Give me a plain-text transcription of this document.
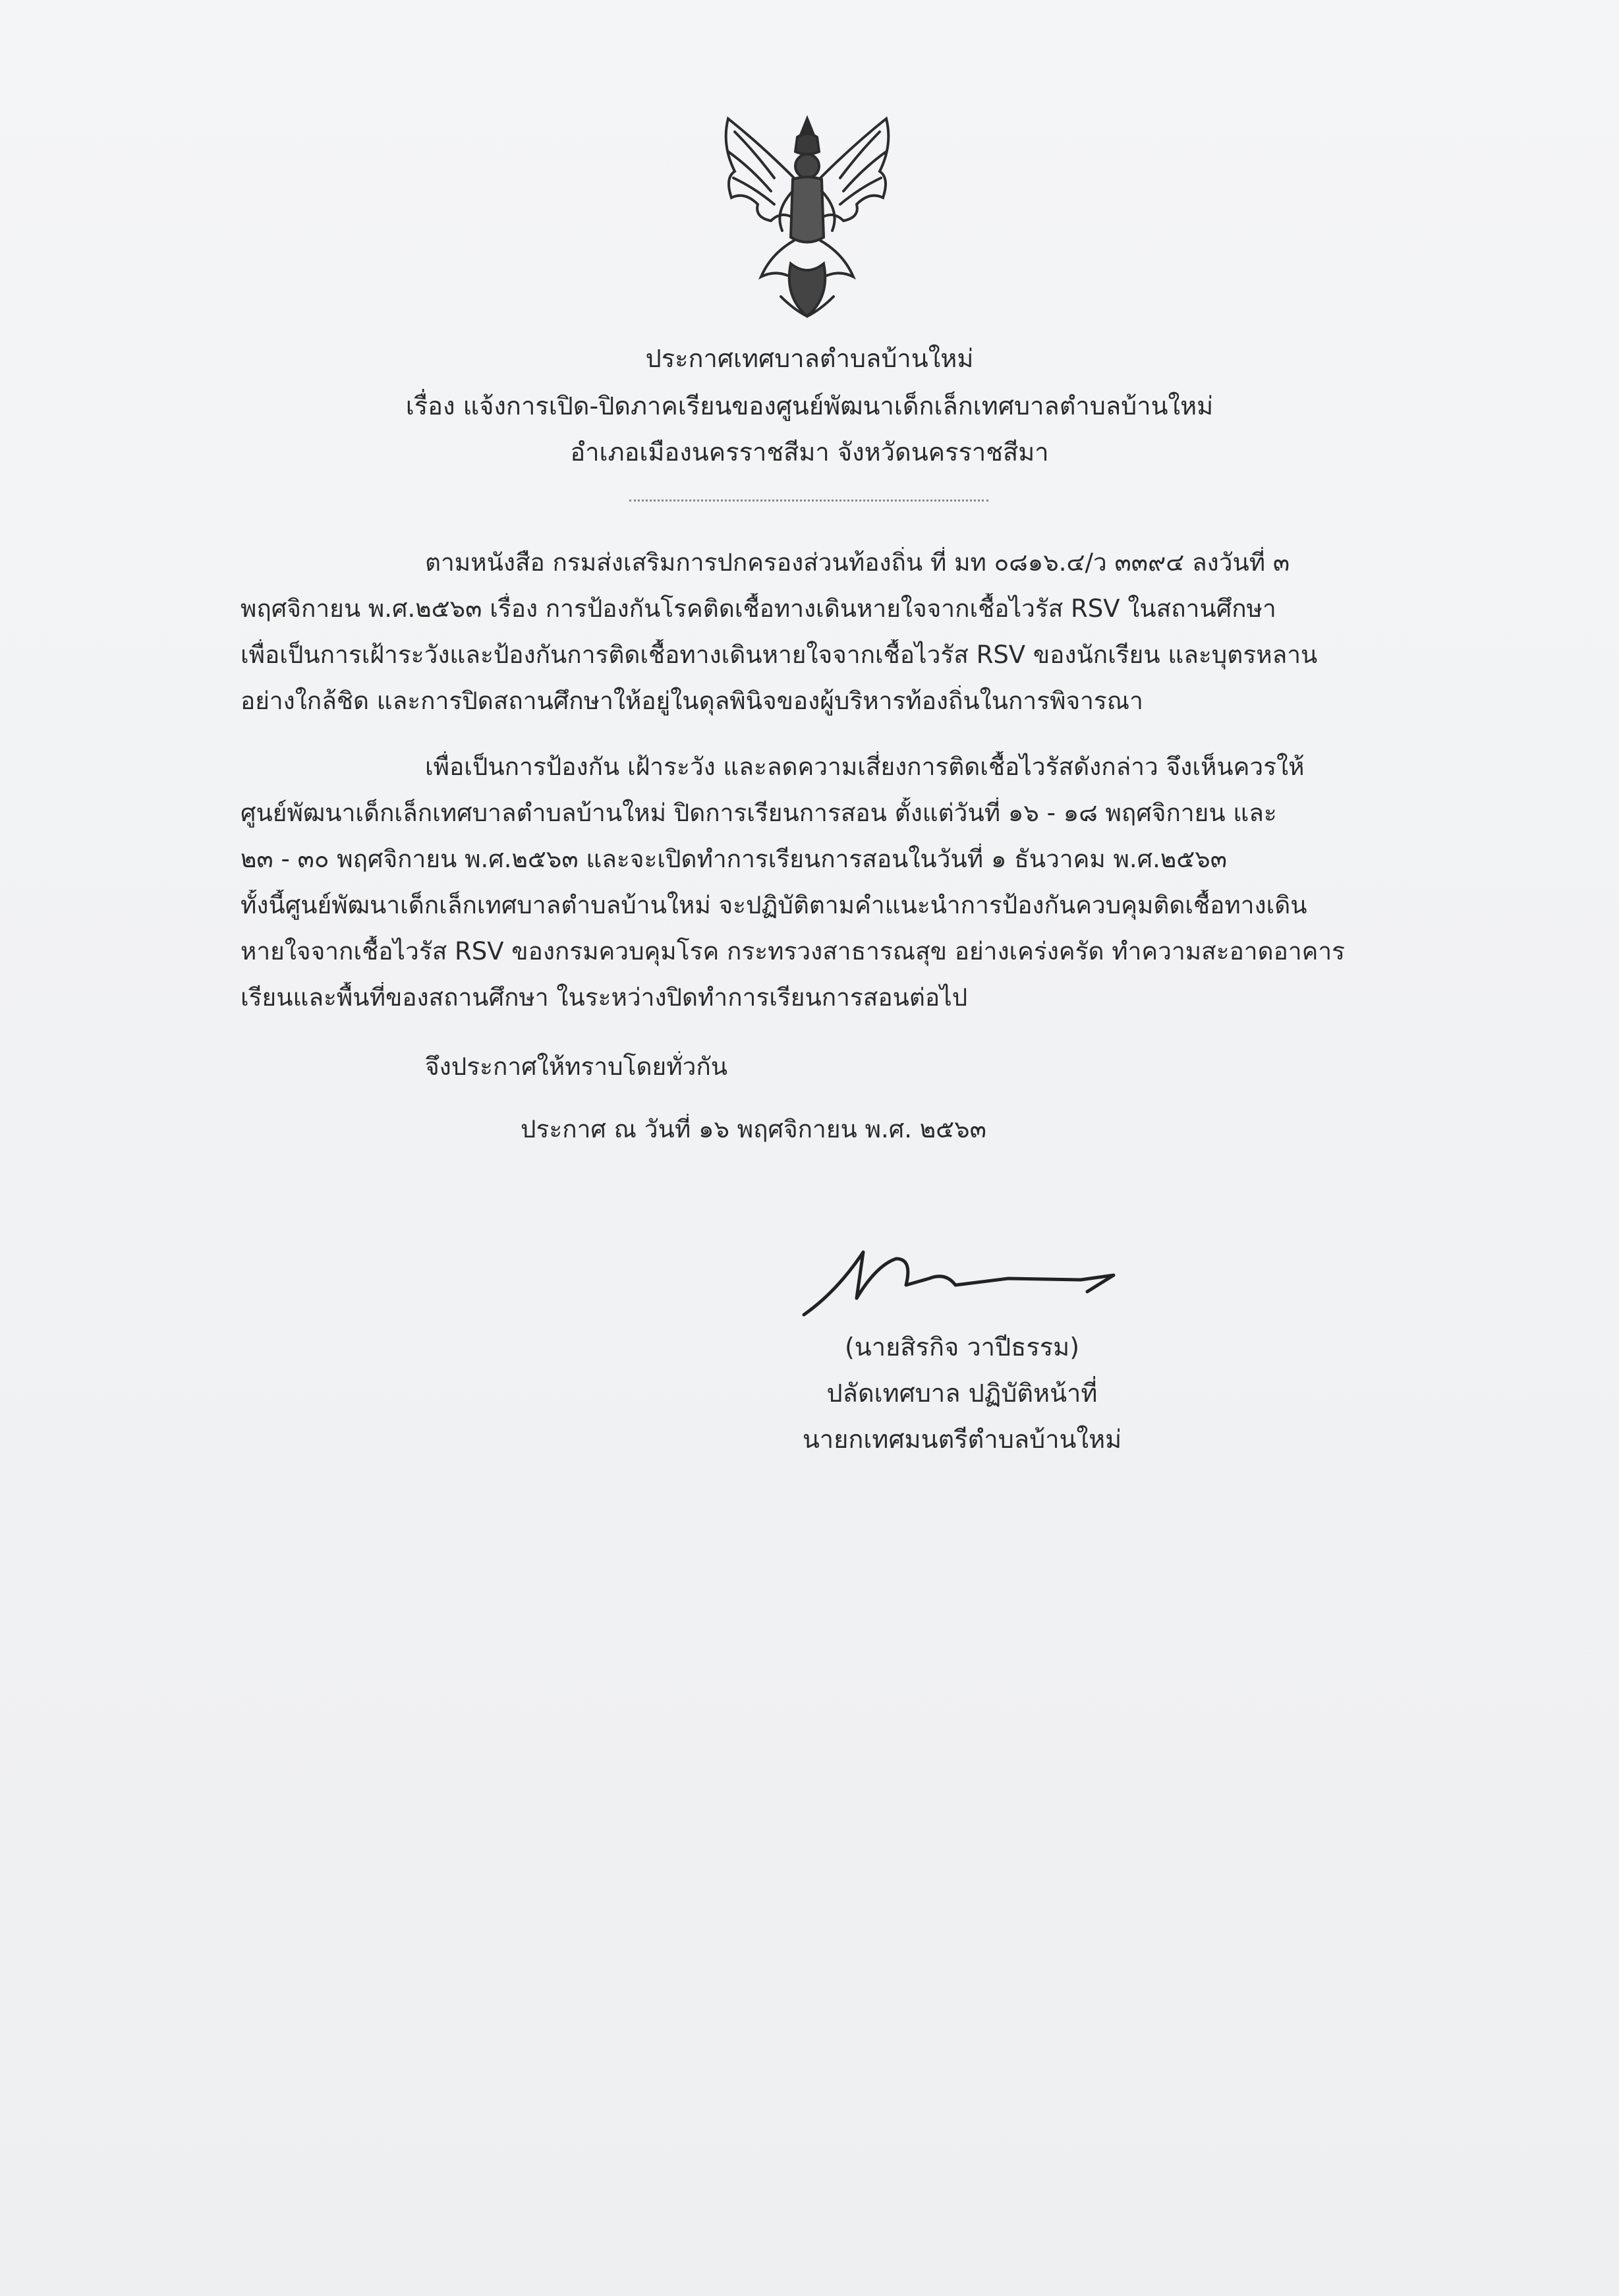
ประกาศเทศบาลตำบลบ้านใหม่
เรื่อง แจ้งการเปิด-ปิดภาคเรียนของศูนย์พัฒนาเด็กเล็กเทศบาลตำบลบ้านใหม่
อำเภอเมืองนครราชสีมา จังหวัดนครราชสีมา
ตามหนังสือ กรมส่งเสริมการปกครองส่วนท้องถิ่น ที่ มท ๐๘๑๖.๔/ว ๓๓๙๔ ลงวันที่ ๓
พฤศจิกายน พ.ศ.๒๕๖๓ เรื่อง การป้องกันโรคติดเชื้อทางเดินหายใจจากเชื้อไวรัส RSV ในสถานศึกษา
เพื่อเป็นการเฝ้าระวังและป้องกันการติดเชื้อทางเดินหายใจจากเชื้อไวรัส RSV ของนักเรียน และบุตรหลาน
อย่างใกล้ชิด และการปิดสถานศึกษาให้อยู่ในดุลพินิจของผู้บริหารท้องถิ่นในการพิจารณา
เพื่อเป็นการป้องกัน เฝ้าระวัง และลดความเสี่ยงการติดเชื้อไวรัสดังกล่าว จึงเห็นควรให้
ศูนย์พัฒนาเด็กเล็กเทศบาลตำบลบ้านใหม่ ปิดการเรียนการสอน ตั้งแต่วันที่ ๑๖ - ๑๘ พฤศจิกายน และ
๒๓ - ๓๐ พฤศจิกายน พ.ศ.๒๕๖๓ และจะเปิดทำการเรียนการสอนในวันที่ ๑ ธันวาคม พ.ศ.๒๕๖๓
ทั้งนี้ศูนย์พัฒนาเด็กเล็กเทศบาลตำบลบ้านใหม่ จะปฏิบัติตามคำแนะนำการป้องกันควบคุมติดเชื้อทางเดิน
หายใจจากเชื้อไวรัส RSV ของกรมควบคุมโรค กระทรวงสาธารณสุข อย่างเคร่งครัด ทำความสะอาดอาคาร
เรียนและพื้นที่ของสถานศึกษา ในระหว่างปิดทำการเรียนการสอนต่อไป
จึงประกาศให้ทราบโดยทั่วกัน
ประกาศ ณ วันที่ ๑๖ พฤศจิกายน พ.ศ. ๒๕๖๓
(นายสิรกิจ วาปีธรรม)
ปลัดเทศบาล ปฏิบัติหน้าที่
นายกเทศมนตรีตำบลบ้านใหม่
